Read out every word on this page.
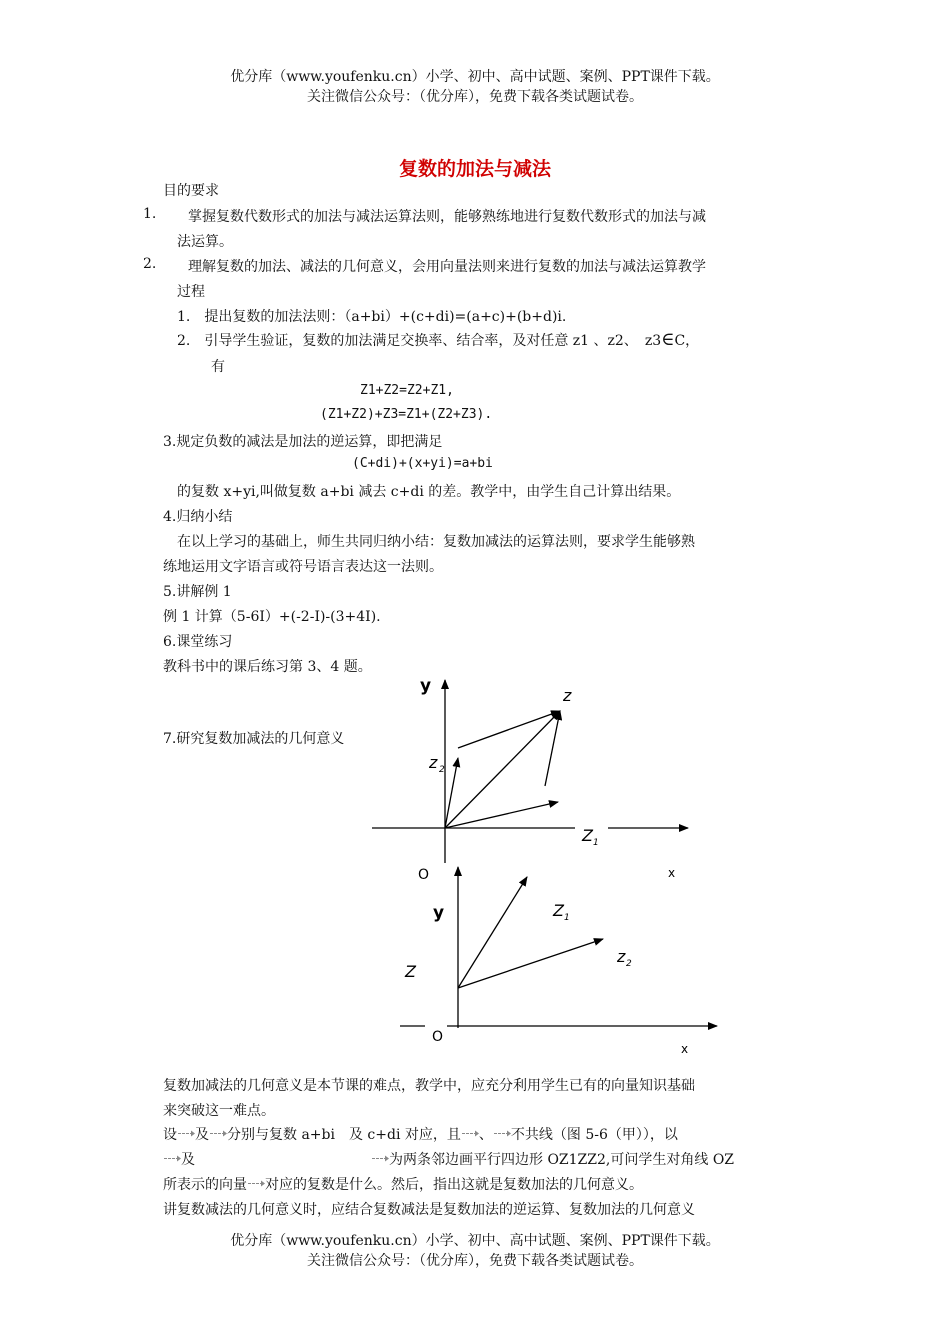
优分库（www.youfenku.cn）小学、初中、高中试题、案例、PPT课件下载。
关注微信公众号：（优分库），免费下载各类试题试卷。
复数的加法与减法
目的要求
1. 掌握复数代数形式的加法与减法运算法则，能够熟练地进行复数代数形式的加法与减
法运算。
2. 理解复数的加法、减法的几何意义，会用向量法则来进行复数的加法与减法运算教学
过程
1.　提出复数的加法法则：（a+bi）+(c+di)=(a+c)+(b+d)i.
2.　引导学生验证，复数的加法满足交换率、结合率，及对任意 z1 、z2、　z3∈C，
有
Z1+Z2=Z2+Z1,
(Z1+Z2)+Z3=Z1+(Z2+Z3).
3.规定负数的减法是加法的逆运算，即把满足
(C+di)+(x+yi)=a+bi
的复数 x+yi,叫做复数 a+bi 减去 c+di 的差。教学中，由学生自己计算出结果。
4.归纳小结
在以上学习的基础上，师生共同归纳小结：复数加减法的运算法则，要求学生能够熟
练地运用文字语言或符号语言表达这一法则。
5.讲解例 1
例 1 计算（5-6I）+(-2-I)-(3+4I).
6.课堂练习
教科书中的课后练习第 3、4 题。
7.研究复数加减法的几何意义
y	z
z 2
Z 1
O	x
y	Z 1
z 2
Z
O
x
复数加减法的几何意义是本节课的难点，教学中，应充分利用学生已有的向量知识基础
来突破这一难点。
设 及 分别与复数 a+bi　及 c+di 对应，且 、 不共线（图 5-6（甲）），以
及	为两条邻边画平行四边形 OZ1ZZ2,可问学生对角线 OZ
所表示的向量 对应的复数是什么。然后，指出这就是复数加法的几何意义。
讲复数减法的几何意义时，应结合复数减法是复数加法的逆运算、复数加法的几何意义
优分库（www.youfenku.cn）小学、初中、高中试题、案例、PPT课件下载。
关注微信公众号：（优分库），免费下载各类试题试卷。
